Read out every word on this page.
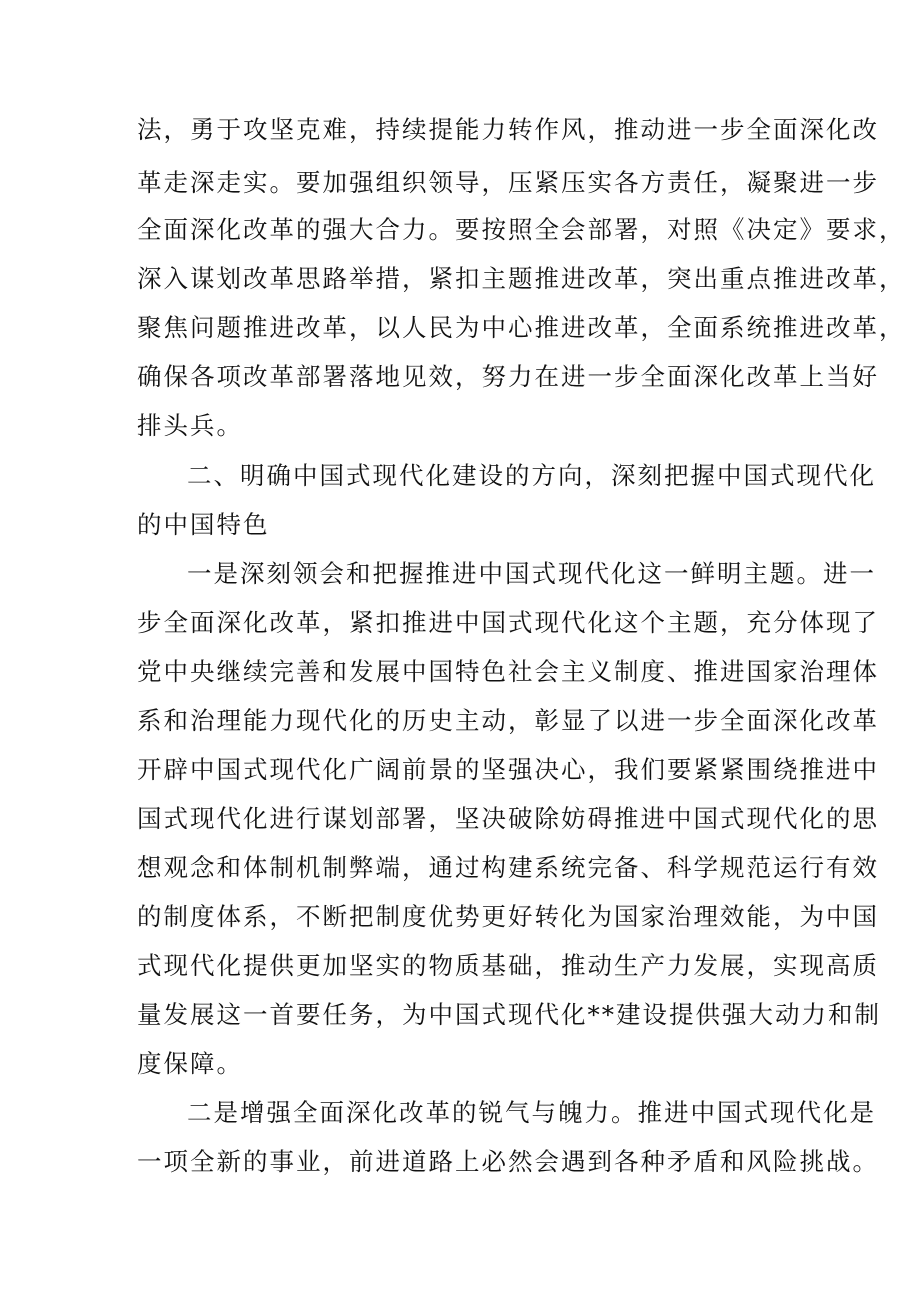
法，勇于攻坚克难，持续提能力转作风，推动进一步全面深化改
革走深走实。要加强组织领导，压紧压实各方责任，凝聚进一步
全面深化改革的强大合力。要按照全会部署，对照《决定》要求，
深入谋划改革思路举措，紧扣主题推进改革，突出重点推进改革，
聚焦问题推进改革，以人民为中心推进改革，全面系统推进改革，
确保各项改革部署落地见效，努力在进一步全面深化改革上当好
排头兵。
二、明确中国式现代化建设的方向，深刻把握中国式现代化
的中国特色
一是深刻领会和把握推进中国式现代化这一鲜明主题。进一
步全面深化改革，紧扣推进中国式现代化这个主题，充分体现了
党中央继续完善和发展中国特色社会主义制度、推进国家治理体
系和治理能力现代化的历史主动，彰显了以进一步全面深化改革
开辟中国式现代化广阔前景的坚强决心，我们要紧紧围绕推进中
国式现代化进行谋划部署，坚决破除妨碍推进中国式现代化的思
想观念和体制机制弊端，通过构建系统完备、科学规范运行有效
的制度体系，不断把制度优势更好转化为国家治理效能，为中国
式现代化提供更加坚实的物质基础，推动生产力发展，实现高质
量发展这一首要任务，为中国式现代化**建设提供强大动力和制
度保障。
二是增强全面深化改革的锐气与魄力。推进中国式现代化是
一项全新的事业，前进道路上必然会遇到各种矛盾和风险挑战。
